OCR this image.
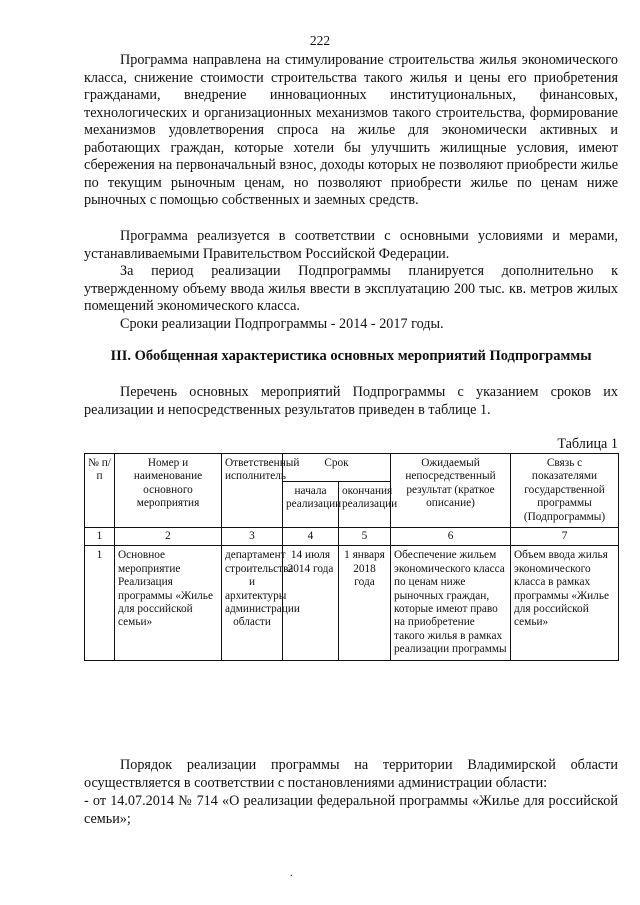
222
Программа направлена на стимулирование строительства жилья экономического класса, снижение стоимости строительства такого жилья и цены его приобретения гражданами, внедрение инновационных институциональных, финансовых, технологических и организационных механизмов такого строительства, формирование механизмов удовлетворения спроса на жилье для экономически активных и работающих граждан, которые хотели бы улучшить жилищные условия, имеют сбережения на первоначальный взнос, доходы которых не позволяют приобрести жилье по текущим рыночным ценам, но позволяют приобрести жилье по ценам ниже рыночных с помощью собственных и заемных средств.
Программа реализуется в соответствии с основными условиями и мерами, устанавливаемыми Правительством Российской Федерации.
За период реализации Подпрограммы планируется дополнительно к утвержденному объему ввода жилья ввести в эксплуатацию 200 тыс. кв. метров жилых помещений экономического класса.
Сроки реализации Подпрограммы - 2014 - 2017 годы.
III. Обобщенная характеристика основных мероприятий Подпрограммы
Перечень основных мероприятий Подпрограммы с указанием сроков их реализации и непосредственных результатов приведен в таблице 1.
Таблица 1
№ п/п	Номер и наименование основного мероприятия	Ответственный исполнитель	Срок		Ожидаемый непосредственный результат (краткое описание)	Связь с показателями государственной программы (Подпрограммы)
			начала реализации	окончания реализации		
1	2	3	4	5	6	7
1	Основное мероприятие Реализация программы «Жилье для российской семьи»	департамент строительства и архитектуры администрации области	14 июля 2014 года	1 января 2018 года	Обеспечение жильем экономического класса по ценам ниже рыночных граждан, которые имеют право на приобретение такого жилья в рамках реализации программы	Объем ввода жилья экономического класса в рамках программы «Жилье для российской семьи»
Порядок реализации программы на территории Владимирской области осуществляется в соответствии с постановлениями администрации области:
- от 14.07.2014 № 714 «О реализации федеральной программы «Жилье для российской семьи»;
.
